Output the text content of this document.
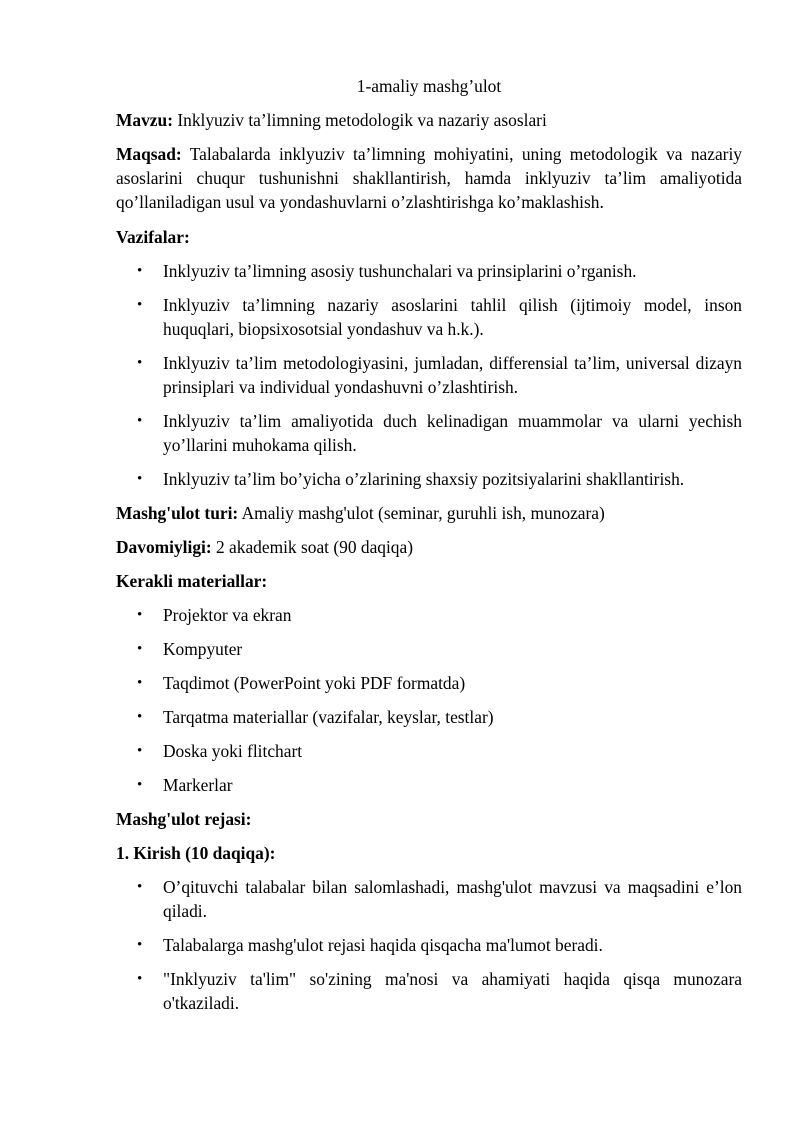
1-amaliy mashg’ulot
Mavzu: Inklyuziv ta’limning metodologik va nazariy asoslari
Maqsad: Talabalarda inklyuziv ta’limning mohiyatini, uning metodologik va nazariy asoslarini chuqur tushunishni shakllantirish, hamda inklyuziv ta’lim amaliyotida qo’llaniladigan usul va yondashuvlarni o’zlashtirishga ko’maklashish.
Vazifalar:
• Inklyuziv ta’limning asosiy tushunchalari va prinsiplarini o’rganish.
• Inklyuziv ta’limning nazariy asoslarini tahlil qilish (ijtimoiy model, inson huquqlari, biopsixosotsial yondashuv va h.k.).
• Inklyuziv ta’lim metodologiyasini, jumladan, differensial ta’lim, universal dizayn prinsiplari va individual yondashuvni o’zlashtirish.
• Inklyuziv ta’lim amaliyotida duch kelinadigan muammolar va ularni yechish yo’llarini muhokama qilish.
• Inklyuziv ta’lim bo’yicha o’zlarining shaxsiy pozitsiyalarini shakllantirish.
Mashg'ulot turi: Amaliy mashg'ulot (seminar, guruhli ish, munozara)
Davomiyligi: 2 akademik soat (90 daqiqa)
Kerakli materiallar:
• Projektor va ekran
• Kompyuter
• Taqdimot (PowerPoint yoki PDF formatda)
• Tarqatma materiallar (vazifalar, keyslar, testlar)
• Doska yoki flitchart
• Markerlar
Mashg'ulot rejasi:
1. Kirish (10 daqiqa):
• O’qituvchi talabalar bilan salomlashadi, mashg'ulot mavzusi va maqsadini e’lon qiladi.
• Talabalarga mashg'ulot rejasi haqida qisqacha ma'lumot beradi.
• "Inklyuziv ta'lim" so'zining ma'nosi va ahamiyati haqida qisqa munozara o'tkaziladi.
